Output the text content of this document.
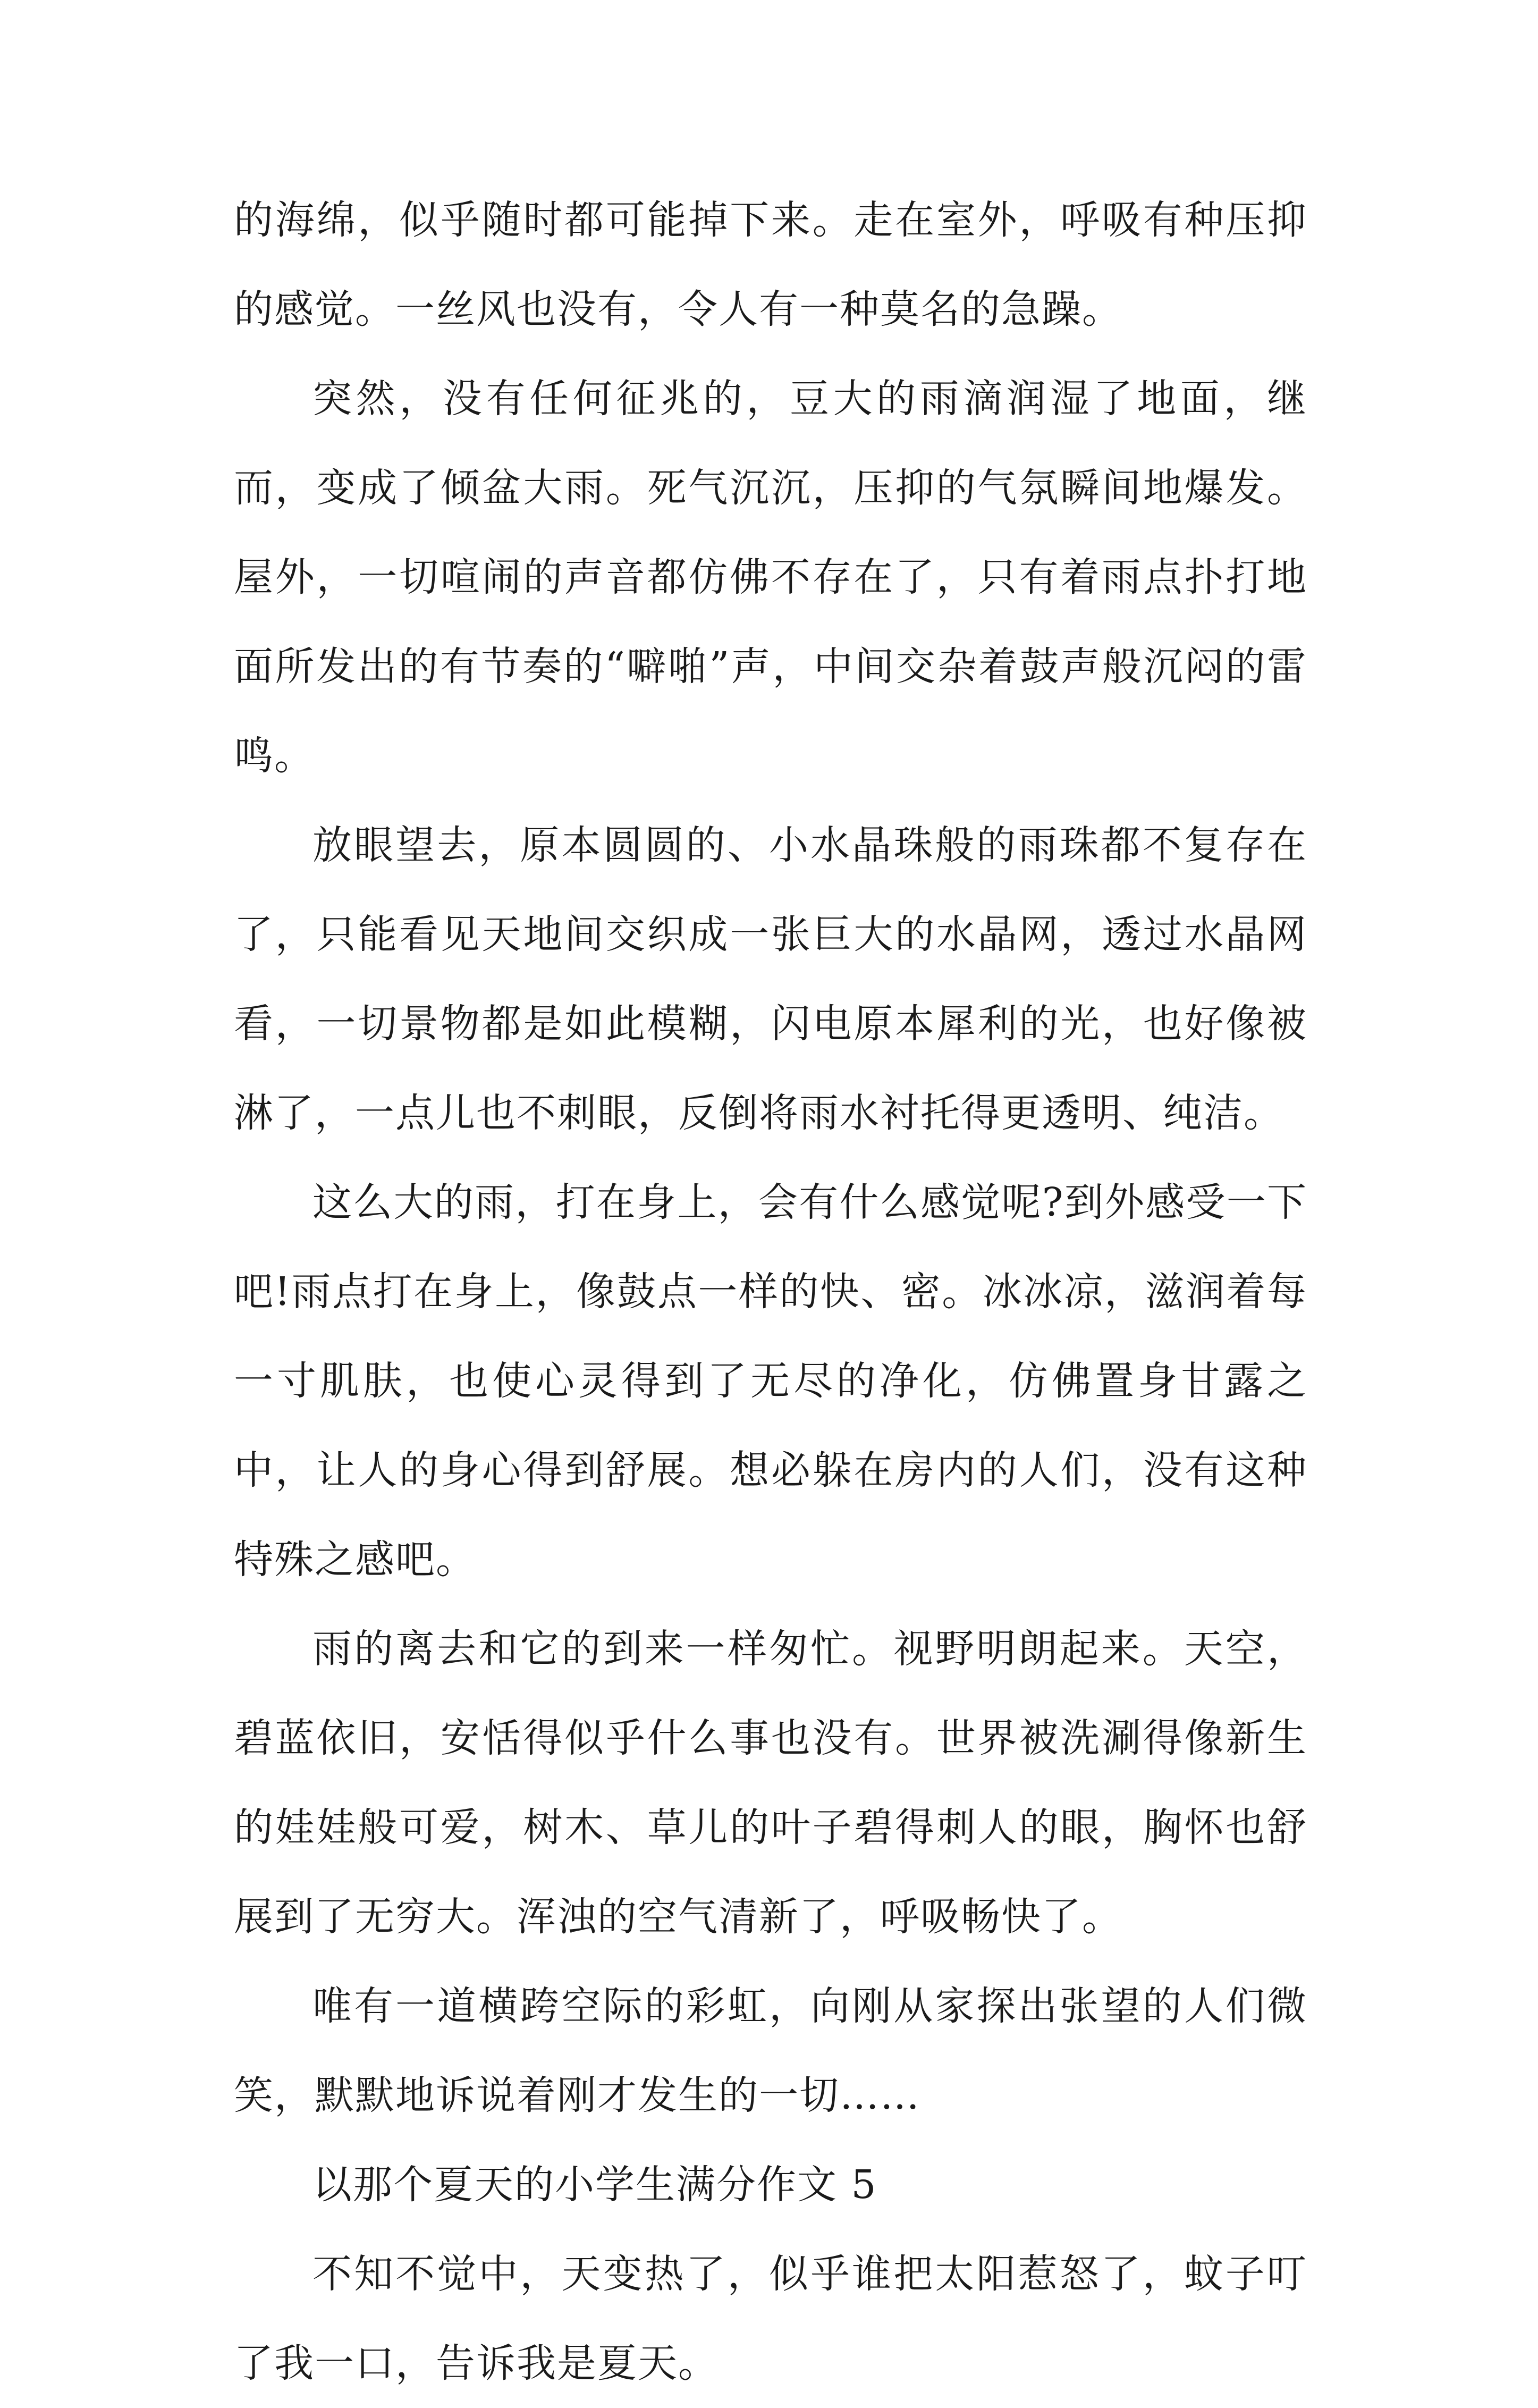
的海绵，似乎随时都可能掉下来。走在室外，呼吸有种压抑的感觉。一丝风也没有，令人有一种莫名的急躁。

突然，没有任何征兆的，豆大的雨滴润湿了地面，继而，变成了倾盆大雨。死气沉沉，压抑的气氛瞬间地爆发。屋外，一切喧闹的声音都仿佛不存在了，只有着雨点扑打地面所发出的有节奏的“噼啪”声，中间交杂着鼓声般沉闷的雷鸣。

放眼望去，原本圆圆的、小水晶珠般的雨珠都不复存在了，只能看见天地间交织成一张巨大的水晶网，透过水晶网看，一切景物都是如此模糊，闪电原本犀利的光，也好像被淋了，一点儿也不刺眼，反倒将雨水衬托得更透明、纯洁。

这么大的雨，打在身上，会有什么感觉呢?到外感受一下吧!雨点打在身上，像鼓点一样的快、密。冰冰凉，滋润着每一寸肌肤，也使心灵得到了无尽的净化，仿佛置身甘露之中，让人的身心得到舒展。想必躲在房内的人们，没有这种特殊之感吧。

雨的离去和它的到来一样匆忙。视野明朗起来。天空，碧蓝依旧，安恬得似乎什么事也没有。世界被洗涮得像新生的娃娃般可爱，树木、草儿的叶子碧得刺人的眼，胸怀也舒展到了无穷大。浑浊的空气清新了，呼吸畅快了。

唯有一道横跨空际的彩虹，向刚从家探出张望的人们微笑，默默地诉说着刚才发生的一切……

以那个夏天的小学生满分作文 5

不知不觉中，天变热了，似乎谁把太阳惹怒了，蚊子叮了我一口，告诉我是夏天。
